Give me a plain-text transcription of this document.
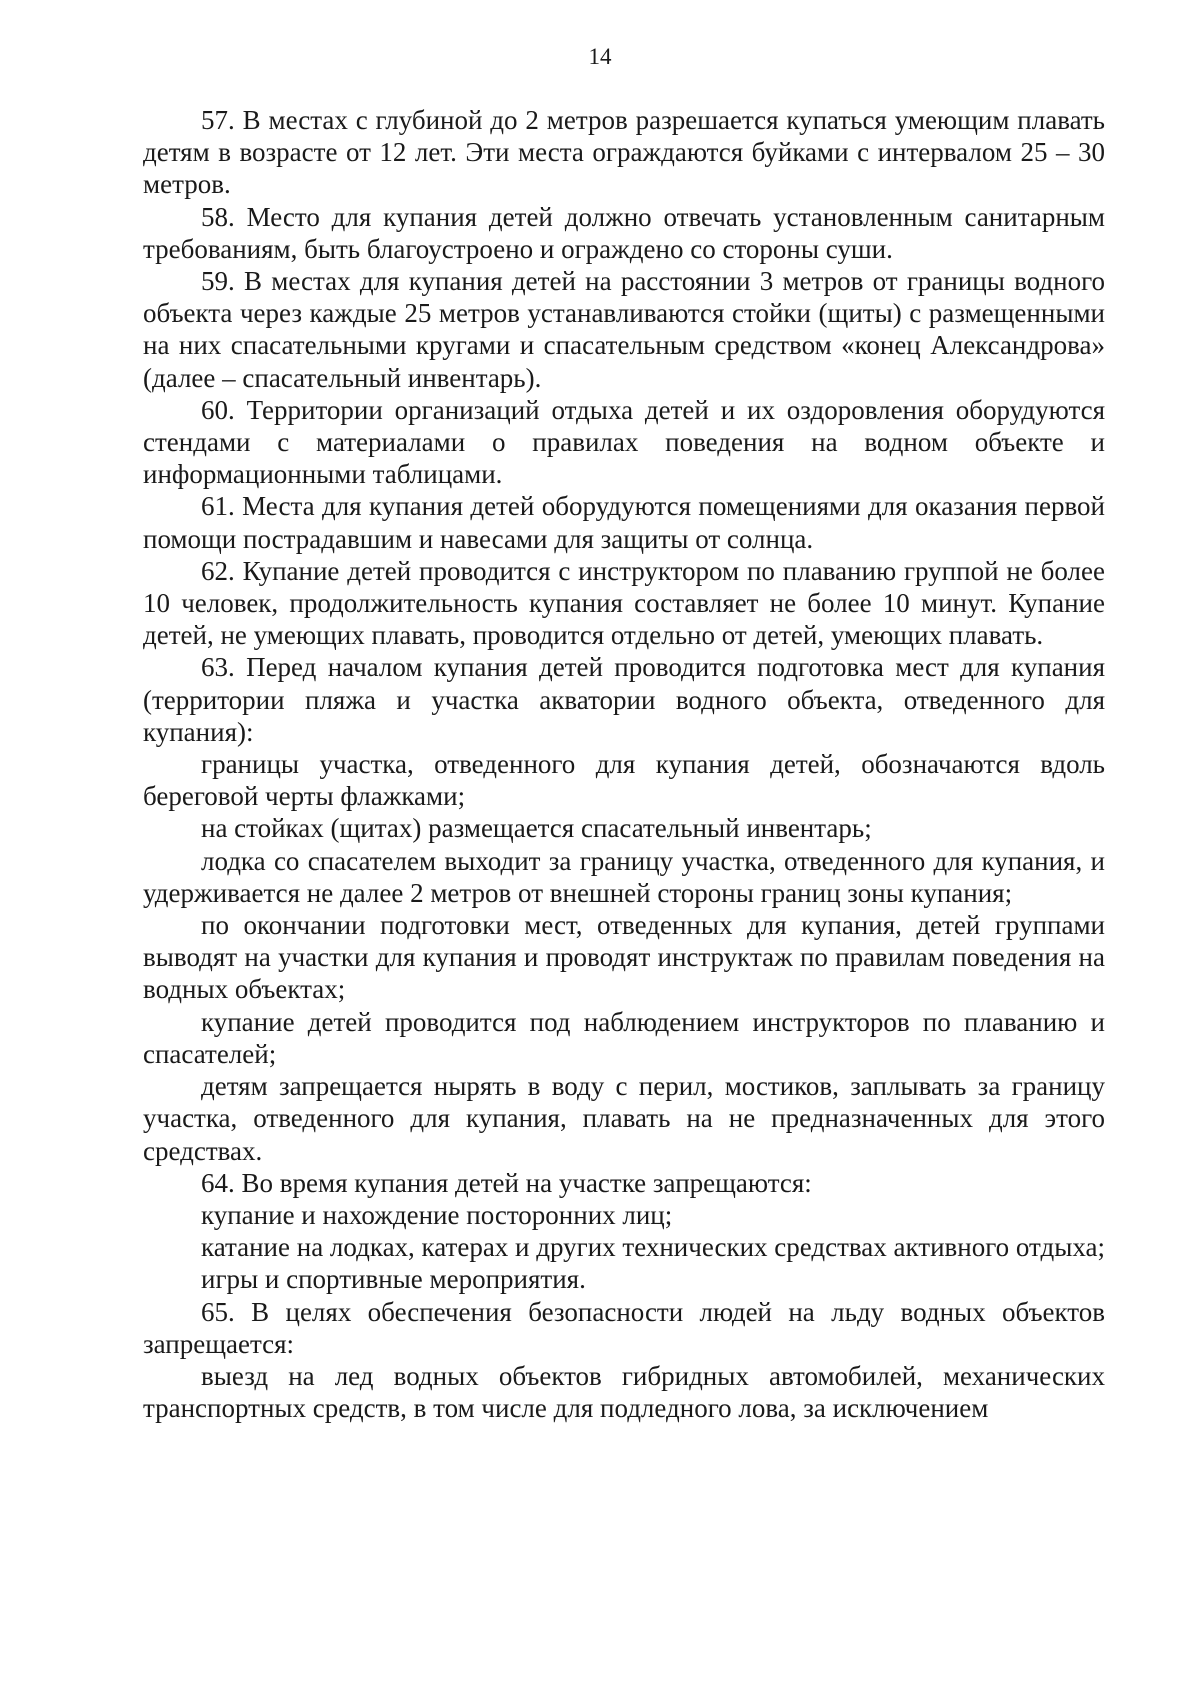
14

57. В местах с глубиной до 2 метров разрешается купаться умеющим плавать детям в возрасте от 12 лет. Эти места ограждаются буйками с интервалом 25 – 30 метров.

58. Место для купания детей должно отвечать установленным санитарным требованиям, быть благоустроено и ограждено со стороны суши.

59. В местах для купания детей на расстоянии 3 метров от границы водного объекта через каждые 25 метров устанавливаются стойки (щиты) с размещенными на них спасательными кругами и спасательным средством «конец Александрова» (далее – спасательный инвентарь).

60. Территории организаций отдыха детей и их оздоровления оборудуются стендами с материалами о правилах поведения на водном объекте и информационными таблицами.

61. Места для купания детей оборудуются помещениями для оказания первой помощи пострадавшим и навесами для защиты от солнца.

62. Купание детей проводится с инструктором по плаванию группой не более 10 человек, продолжительность купания составляет не более 10 минут. Купание детей, не умеющих плавать, проводится отдельно от детей, умеющих плавать.

63. Перед началом купания детей проводится подготовка мест для купания (территории пляжа и участка акватории водного объекта, отведенного для купания):

границы участка, отведенного для купания детей, обозначаются вдоль береговой черты флажками;

на стойках (щитах) размещается спасательный инвентарь;

лодка со спасателем выходит за границу участка, отведенного для купания, и удерживается не далее 2 метров от внешней стороны границ зоны купания;

по окончании подготовки мест, отведенных для купания, детей группами выводят на участки для купания и проводят инструктаж по правилам поведения на водных объектах;

купание детей проводится под наблюдением инструкторов по плаванию и спасателей;

детям запрещается нырять в воду с перил, мостиков, заплывать за границу участка, отведенного для купания, плавать на не предназначенных для этого средствах.

64. Во время купания детей на участке запрещаются:

купание и нахождение посторонних лиц;

катание на лодках, катерах и других технических средствах активного отдыха;

игры и спортивные мероприятия.

65. В целях обеспечения безопасности людей на льду водных объектов запрещается:

выезд на лед водных объектов гибридных автомобилей, механических транспортных средств, в том числе для подледного лова, за исключением
